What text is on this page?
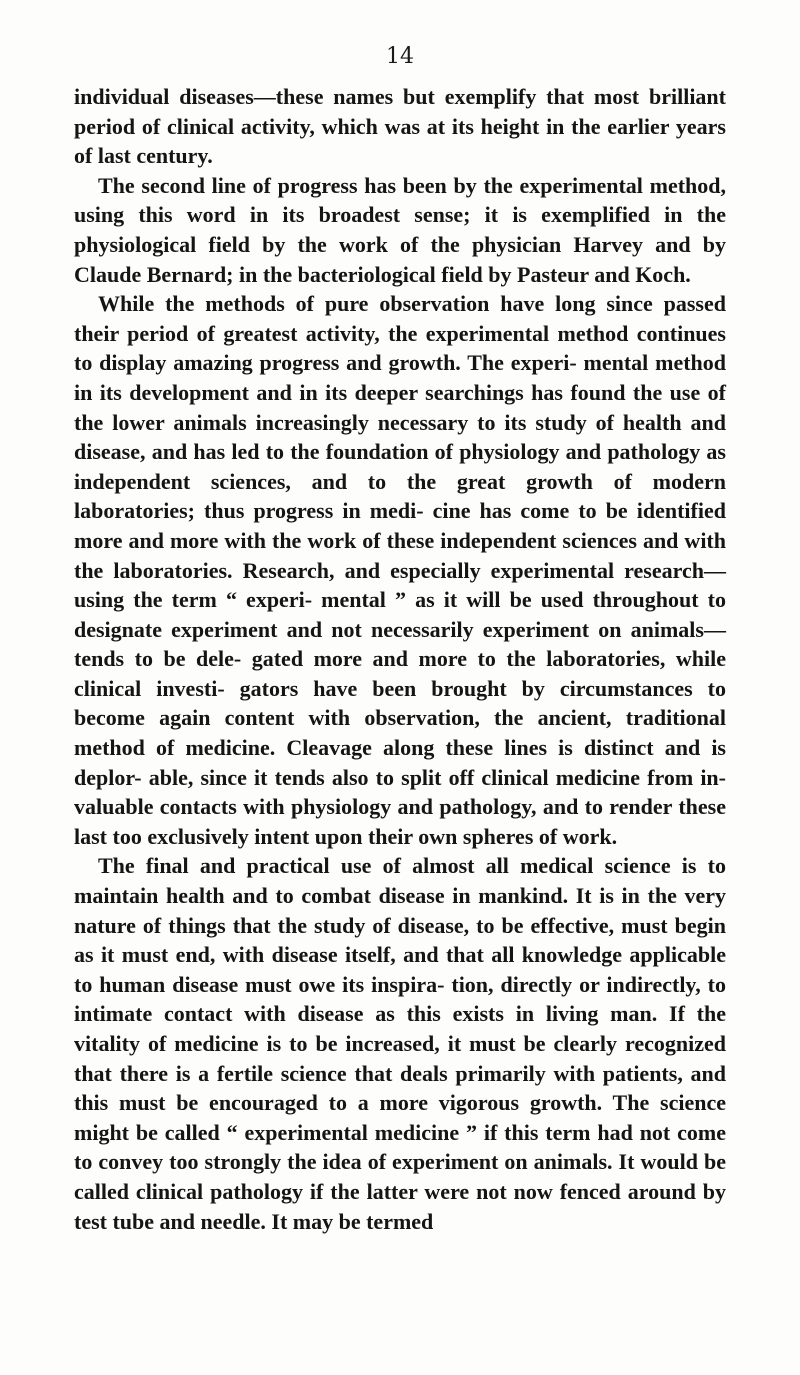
14

individual diseases—these names but exemplify that most brilliant period of clinical activity, which was at its height in the earlier years of last century.

The second line of progress has been by the experimental method, using this word in its broadest sense; it is exemplified in the physiological field by the work of the physician Harvey and by Claude Bernard; in the bacteriological field by Pasteur and Koch.

While the methods of pure observation have long since passed their period of greatest activity, the experimental method continues to display amazing progress and growth. The experi- mental method in its development and in its deeper searchings has found the use of the lower animals increasingly necessary to its study of health and disease, and has led to the foundation of physiology and pathology as independent sciences, and to the great growth of modern laboratories; thus progress in medi- cine has come to be identified more and more with the work of these independent sciences and with the laboratories. Research, and especially experimental research—using the term “ experi- mental ” as it will be used throughout to designate experiment and not necessarily experiment on animals—tends to be dele- gated more and more to the laboratories, while clinical investi- gators have been brought by circumstances to become again content with observation, the ancient, traditional method of medicine. Cleavage along these lines is distinct and is deplor- able, since it tends also to split off clinical medicine from in- valuable contacts with physiology and pathology, and to render these last too exclusively intent upon their own spheres of work.

The final and practical use of almost all medical science is to maintain health and to combat disease in mankind. It is in the very nature of things that the study of disease, to be effective, must begin as it must end, with disease itself, and that all knowledge applicable to human disease must owe its inspira- tion, directly or indirectly, to intimate contact with disease as this exists in living man. If the vitality of medicine is to be increased, it must be clearly recognized that there is a fertile science that deals primarily with patients, and this must be encouraged to a more vigorous growth. The science might be called “ experimental medicine ” if this term had not come to convey too strongly the idea of experiment on animals. It would be called clinical pathology if the latter were not now fenced around by test tube and needle. It may be termed
